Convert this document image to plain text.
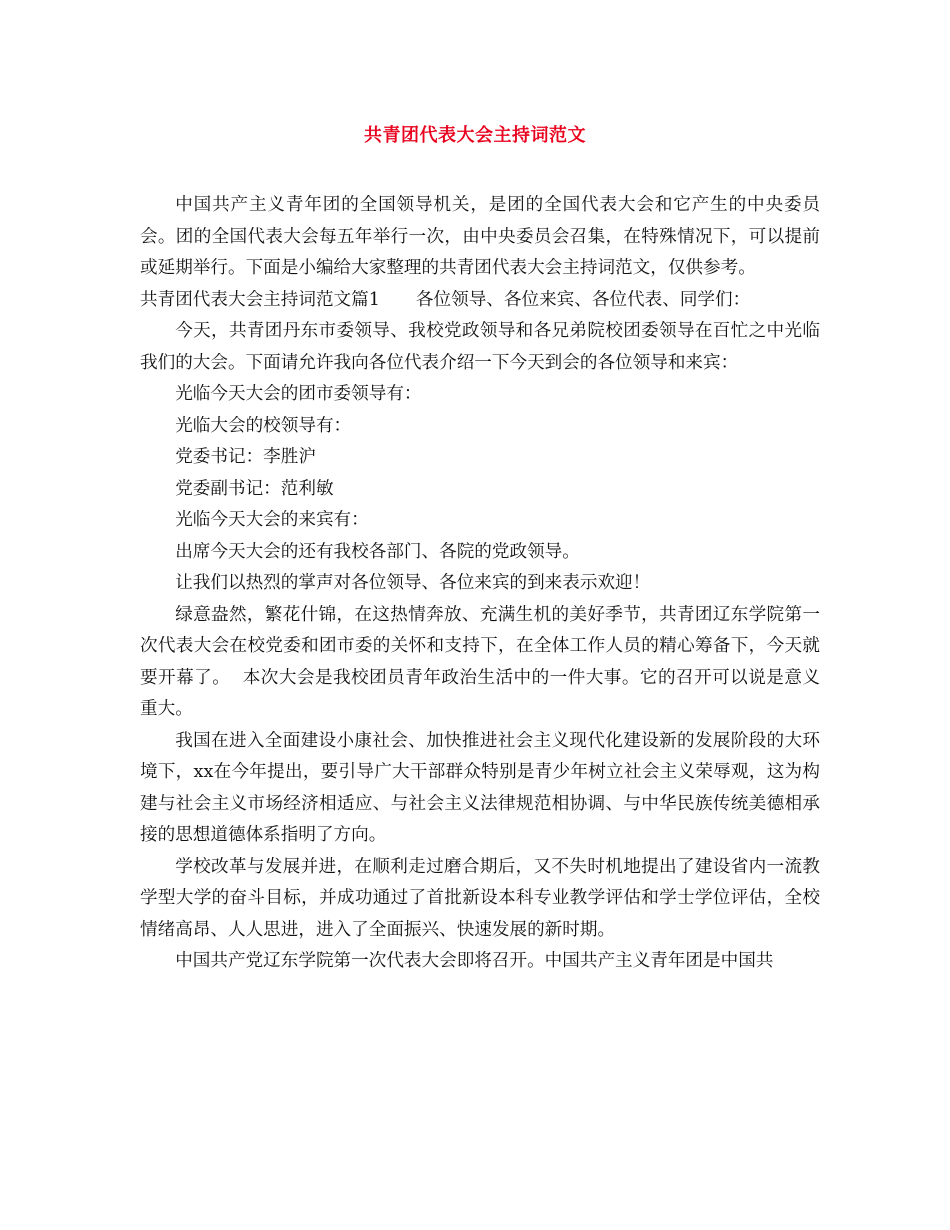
共青团代表大会主持词范文

中国共产主义青年团的全国领导机关，是团的全国代表大会和它产生的中央委员会。团的全国代表大会每五年举行一次，由中央委员会召集，在特殊情况下，可以提前或延期举行。下面是小编给大家整理的共青团代表大会主持词范文，仅供参考。

共青团代表大会主持词范文篇1 各位领导、各位来宾、各位代表、同学们：

今天，共青团丹东市委领导、我校党政领导和各兄弟院校团委领导在百忙之中光临我们的大会。下面请允许我向各位代表介绍一下今天到会的各位领导和来宾：

光临今天大会的团市委领导有：

光临大会的校领导有：

党委书记：李胜沪

党委副书记：范利敏

光临今天大会的来宾有：

出席今天大会的还有我校各部门、各院的党政领导。

让我们以热烈的掌声对各位领导、各位来宾的到来表示欢迎！

绿意盎然，繁花什锦，在这热情奔放、充满生机的美好季节，共青团辽东学院第一次代表大会在校党委和团市委的关怀和支持下，在全体工作人员的精心筹备下，今天就要开幕了。 本次大会是我校团员青年政治生活中的一件大事。它的召开可以说是意义重大。

我国在进入全面建设小康社会、加快推进社会主义现代化建设新的发展阶段的大环境下，xx在今年提出，要引导广大干部群众特别是青少年树立社会主义荣辱观，这为构建与社会主义市场经济相适应、与社会主义法律规范相协调、与中华民族传统美德相承接的思想道德体系指明了方向。

学校改革与发展并进，在顺利走过磨合期后，又不失时机地提出了建设省内一流教学型大学的奋斗目标，并成功通过了首批新设本科专业教学评估和学士学位评估，全校情绪高昂、人人思进，进入了全面振兴、快速发展的新时期。

中国共产党辽东学院第一次代表大会即将召开。中国共产主义青年团是中国共
